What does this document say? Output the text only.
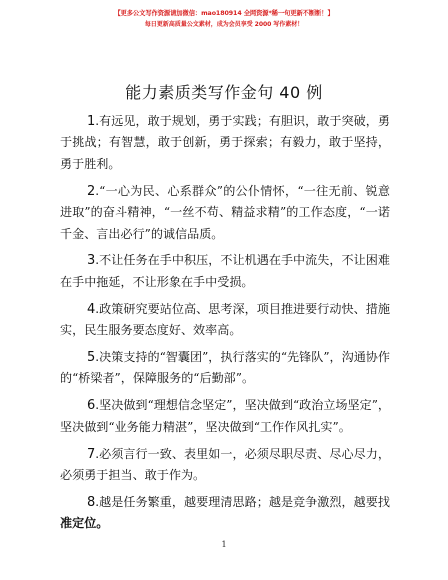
【更多公文写作资源请加微信：mao180914 全网资源*稀一句更新不断断！】
每日更新高质量公文素材，成为会员享受 2000 写作素材！
能力素质类写作金句 40 例
1.有远见，敢于规划，勇于实践；有胆识，敢于突破，勇于挑战；有智慧，敢于创新，勇于探索；有毅力，敢于坚持，勇于胜利。
2.“一心为民、心系群众”的公仆情怀，“一往无前、锐意进取”的奋斗精神，“一丝不苟、精益求精”的工作态度，“一诺千金、言出必行”的诚信品质。
3.不让任务在手中积压，不让机遇在手中流失，不让困难在手中拖延，不让形象在手中受损。
4.政策研究要站位高、思考深，项目推进要行动快、措施实，民生服务要态度好、效率高。
5.决策支持的“智囊团”，执行落实的“先锋队”，沟通协作的“桥梁者”，保障服务的“后勤部”。
6.坚决做到“理想信念坚定”，坚决做到“政治立场坚定”，坚决做到“业务能力精湛”，坚决做到“工作作风扎实”。
7.必须言行一致、表里如一，必须尽职尽责、尽心尽力，必须勇于担当、敢于作为。
8.越是任务繁重，越要理清思路；越是竞争激烈，越要找准定位。
1
